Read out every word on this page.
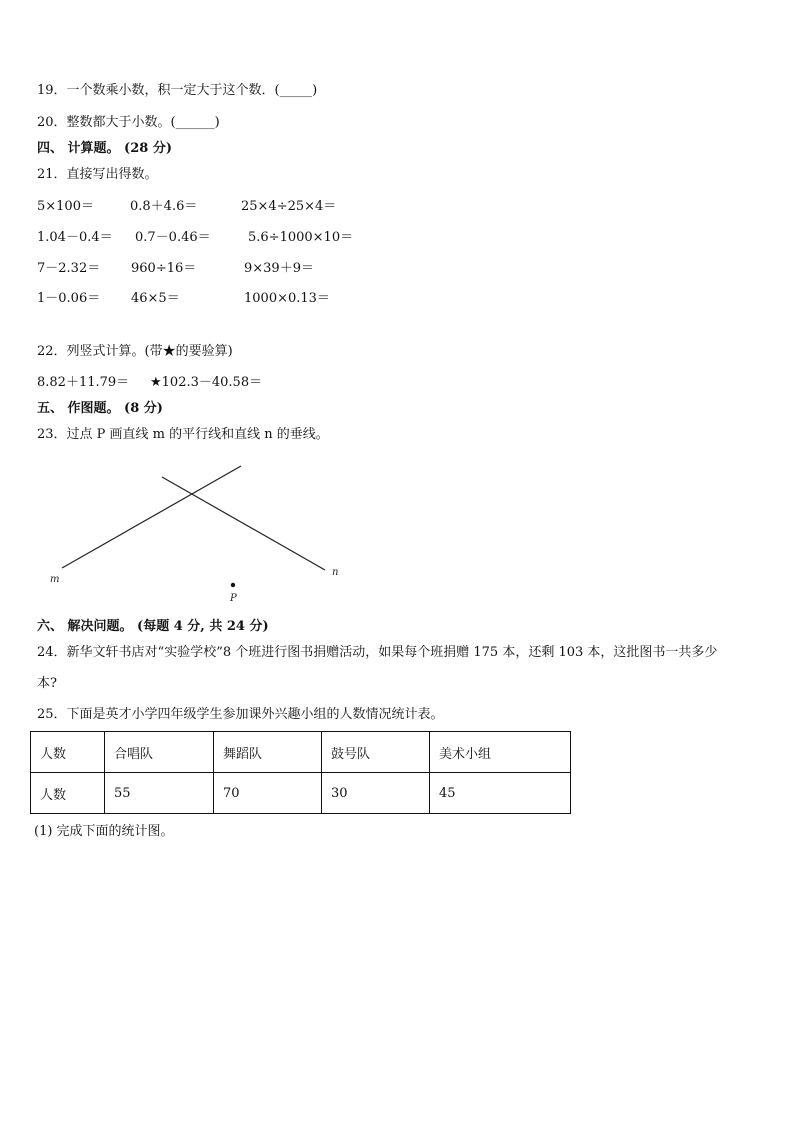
19．一个数乘小数，积一定大于这个数．(_____)
20．整数都大于小数。(______)
四、 计算题。 (28 分)
21．直接写出得数。
5×100＝	0.8＋4.6＝	25×4÷25×4＝
1.04－0.4＝ 0.7－0.46＝	5.6÷1000×10＝
7－2.32＝ 960÷16＝	9×39＋9＝
1－0.06＝ 46×5＝	1000×0.13＝
22．列竖式计算。(带★的要验算)
8.82＋11.79＝ ★102.3－40.58＝
五、 作图题。 (8 分)
23．过点 P 画直线 m 的平行线和直线 n 的垂线。
m
n
P
六、 解决问题。 (每题 4 分, 共 24 分)
24．新华文轩书店对“实验学校”8 个班进行图书捐赠活动，如果每个班捐赠 175 本，还剩 103 本，这批图书一共多少
本?
25．下面是英才小学四年级学生参加课外兴趣小组的人数情况统计表。
人数	合唱队	舞蹈队	鼓号队	美术小组
人数	55	70	30	45
(1) 完成下面的统计图。
